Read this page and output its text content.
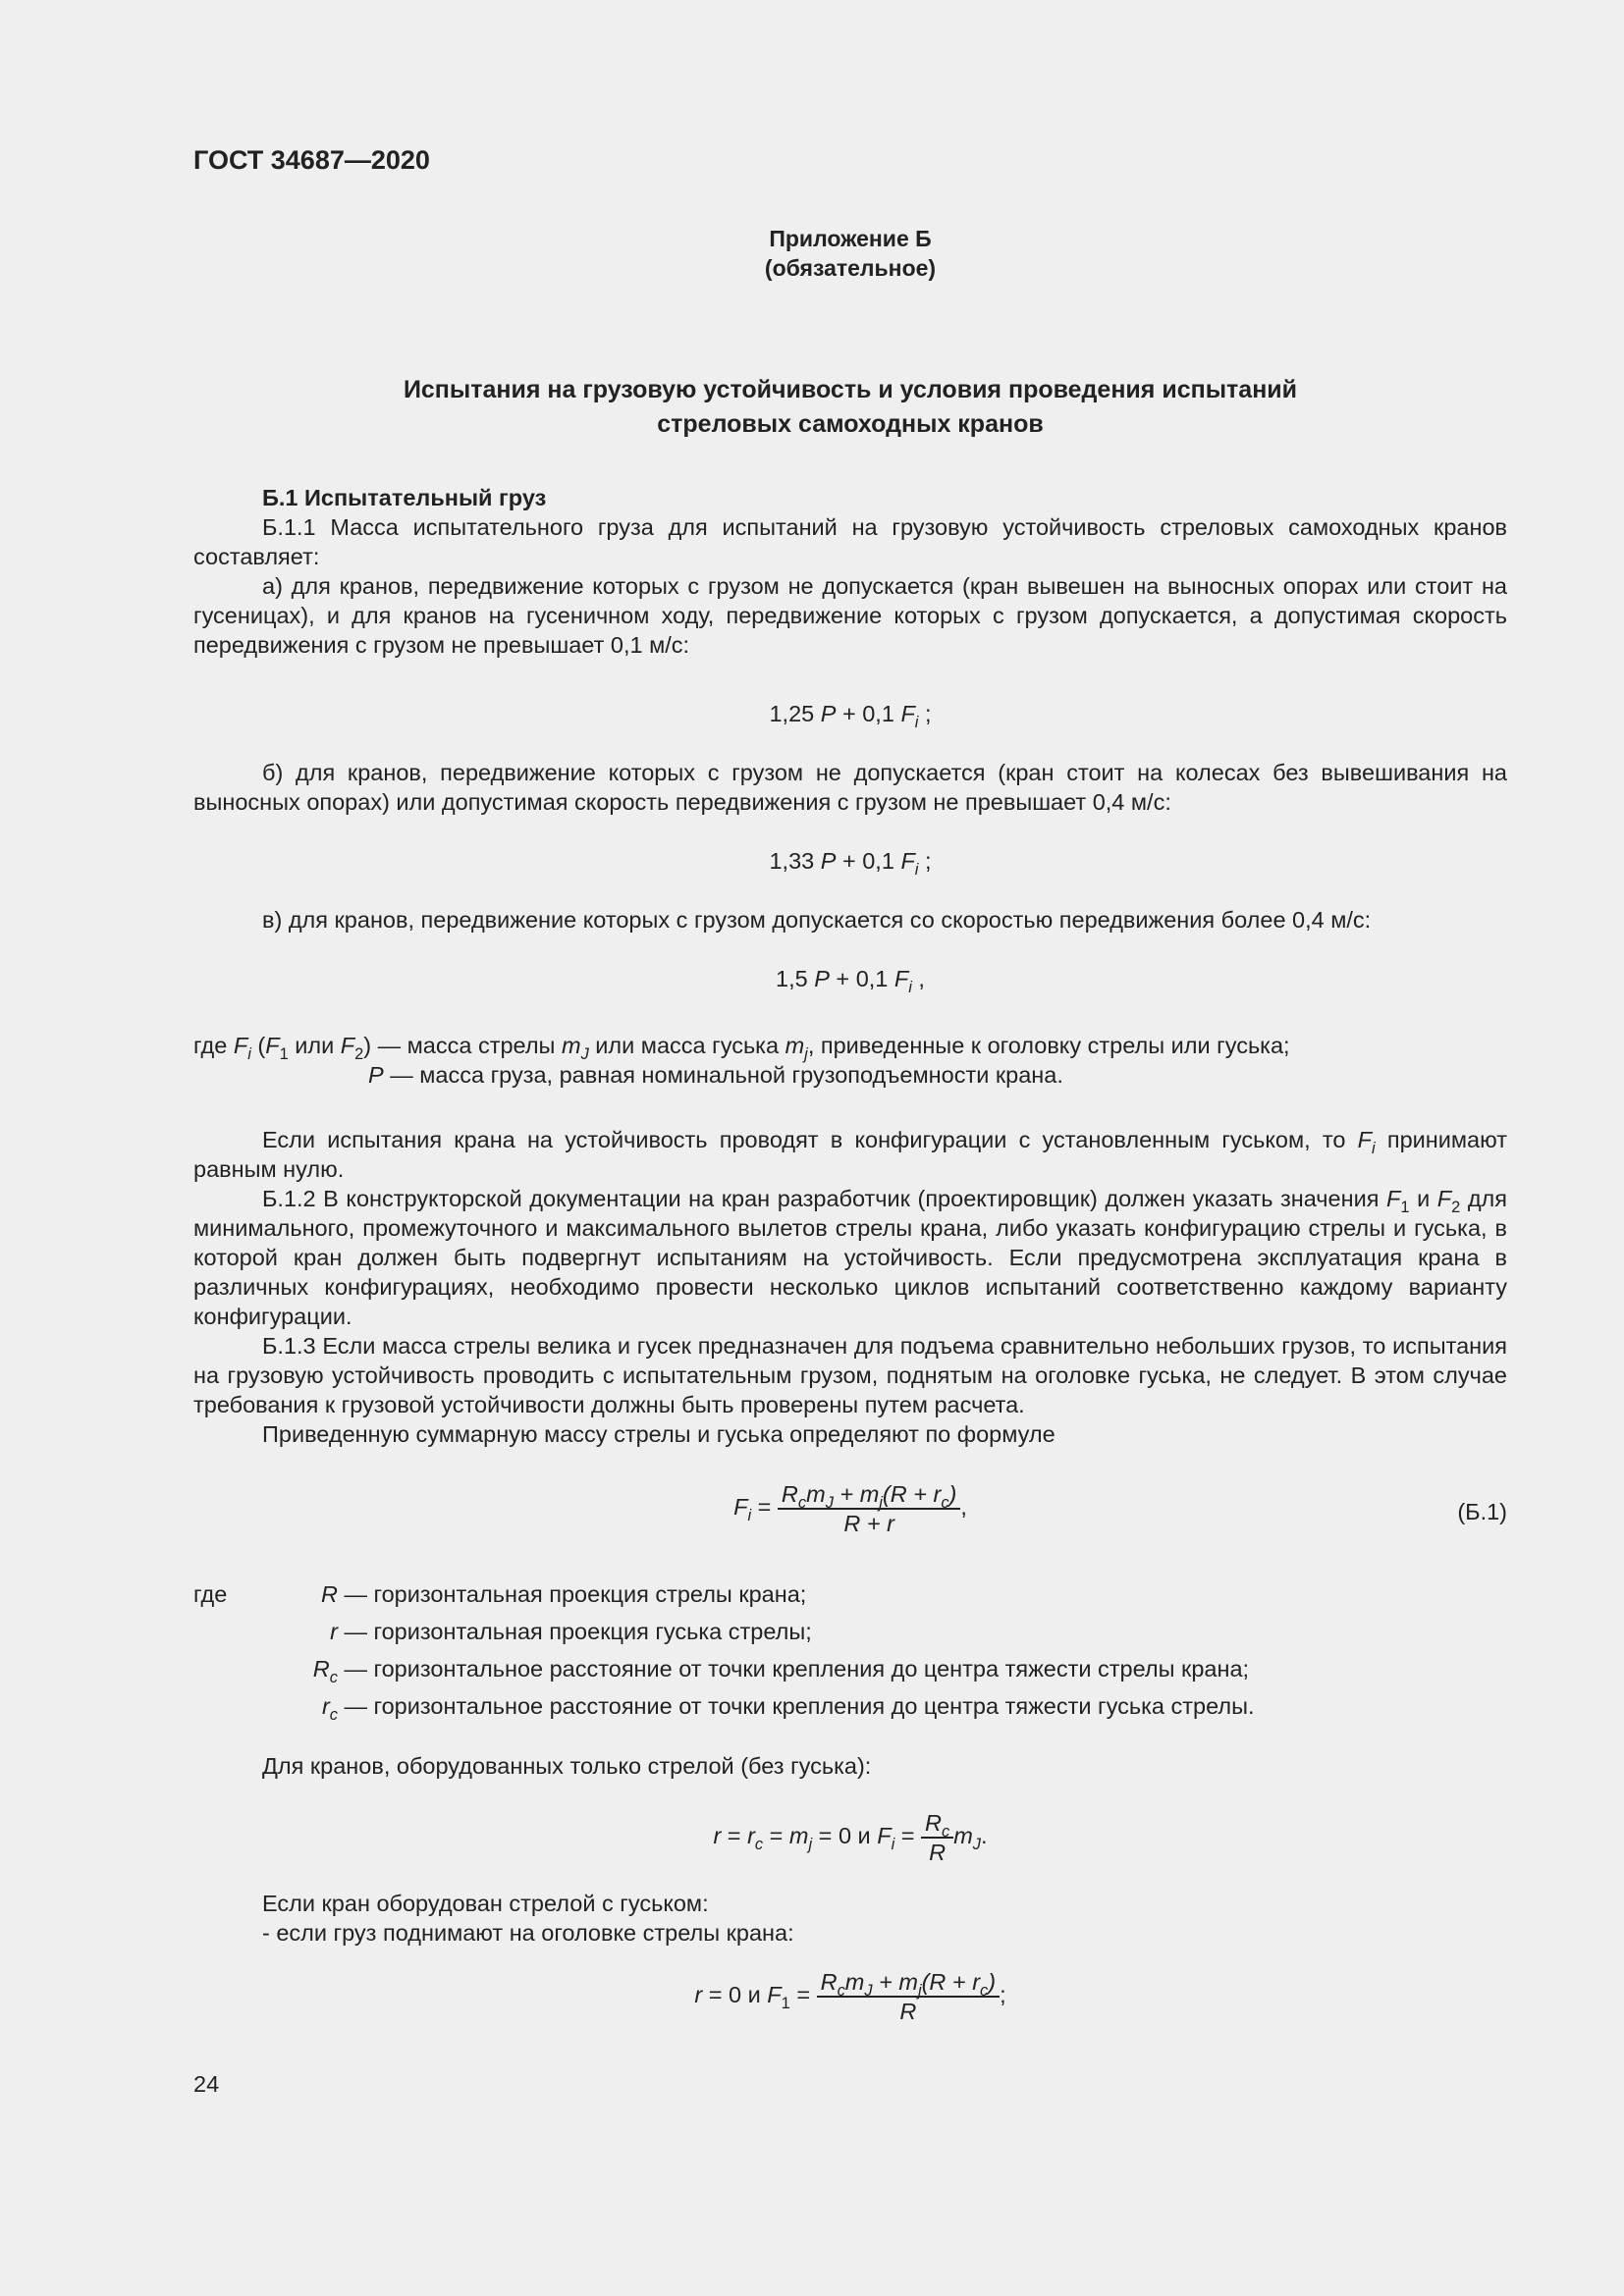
ГОСТ 34687—2020
Приложение Б
(обязательное)
Испытания на грузовую устойчивость и условия проведения испытаний
стреловых самоходных кранов

Б.1 Испытательный груз

Б.1.1 Масса испытательного груза для испытаний на грузовую устойчивость стреловых самоходных кранов составляет:

а) для кранов, передвижение которых с грузом не допускается (кран вывешен на выносных опорах или стоит на гусеницах), и для кранов на гусеничном ходу, передвижение которых с грузом допускается, а допустимая скорость передвижения с грузом не превышает 0,1 м/с:

1,25 P + 0,1 $F_i$ ;

б) для кранов, передвижение которых с грузом не допускается (кран стоит на колесах без вывешивания на выносных опорах) или допустимая скорость передвижения с грузом не превышает 0,4 м/с:

1,33 P + 0,1 $F_i$ ;

в) для кранов, передвижение которых с грузом допускается со скоростью передвижения более 0,4 м/с:

1,5 P + 0,1 $F_i$ ,

где $F_i$ ($F_1$ или $F_2$) — масса стрелы $m_J$ или масса гуська $m_j$, приведенные к оголовку стрелы или гуська;

P — масса груза, равная номинальной грузоподъемности крана.

Если испытания крана на устойчивость проводят в конфигурации с установленным гуськом, то $F_i$ принимают равным нулю.

Б.1.2 В конструкторской документации на кран разработчик (проектировщик) должен указать значения $F_1$ и $F_2$ для минимального, промежуточного и максимального вылетов стрелы крана, либо указать конфигурацию стрелы и гуська, в которой кран должен быть подвергнут испытаниям на устойчивость. Если предусмотрена эксплуатация крана в различных конфигурациях, необходимо провести несколько циклов испытаний соответственно каждому варианту конфигурации.

Б.1.3 Если масса стрелы велика и гусек предназначен для подъема сравнительно небольших грузов, то испытания на грузовую устойчивость проводить с испытательным грузом, поднятым на оголовке гуська, не следует. В этом случае требования к грузовой устойчивости должны быть проверены путем расчета.

Приведенную суммарную массу стрелы и гуська определяют по формуле

$F_i = \frac{R_cm_J + m_j(R + r_c)}{R + r}$ ,	(Б.1)
где	R — горизонтальная проекция стрелы крана;
r — горизонтальная проекция гуська стрелы;
$R_c$ — горизонтальное расстояние от точки крепления до центра тяжести стрелы крана;
$r_c$ — горизонтальное расстояние от точки крепления до центра тяжести гуська стрелы.

Для кранов, оборудованных только стрелой (без гуська):

$r = r_c = m_j = 0$ и $F_i = \frac{R_c}{R} m_J$.

Если кран оборудован стрелой с гуськом:

- если груз поднимают на оголовке стрелы крана:

r = 0 и $F_1 = \frac{R_cm_J + m_j(R + r_c)}{R}$ ;
24
